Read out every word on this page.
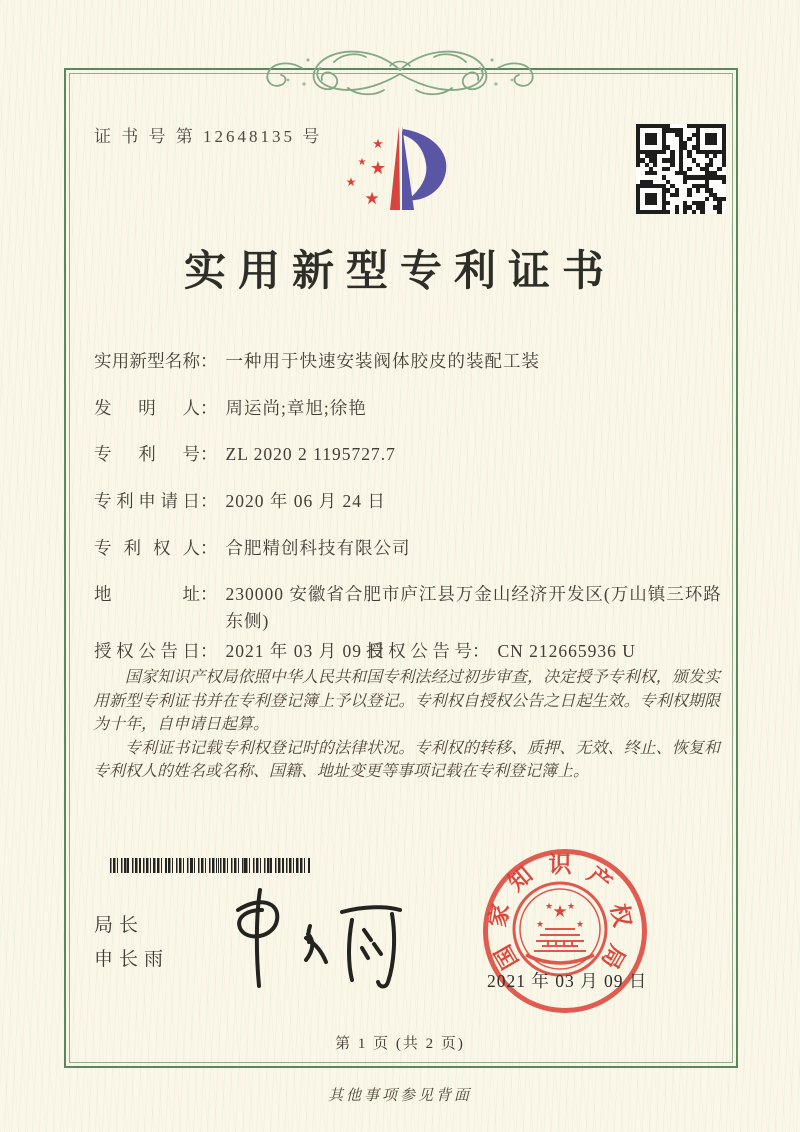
证 书 号 第 12648135 号	★
★ ★
★
★
实用新型专利证书
实用新型名称： 一种用于快速安装阀体胶皮的装配工装
发明人： 周运尚;章旭;徐艳
专利号： ZL 2020 2 1195727.7
专利申请日： 2020 年 06 月 24 日
专利权人： 合肥精创科技有限公司
地址： 230000 安徽省合肥市庐江县万金山经济开发区(万山镇三环路东侧)
授权公告日： 2021 年 03 月 09 日
授权公告号： CN 212665936 U

国家知识产权局依照中华人民共和国专利法经过初步审查，决定授予专利权，颁发实用新型专利证书并在专利登记簿上予以登记。专利权自授权公告之日起生效。专利权期限为十年，自申请日起算。

专利证书记载专利权登记时的法律状况。专利权的转移、质押、无效、终止、恢复和专利权人的姓名或名称、国籍、地址变更等事项记载在专利登记簿上。

局长
申长雨	国
家
知 识 产
权
局
★
★	★
★ ★
2021 年 03 月 09 日
第 1 页 (共 2 页)
其他事项参见背面
